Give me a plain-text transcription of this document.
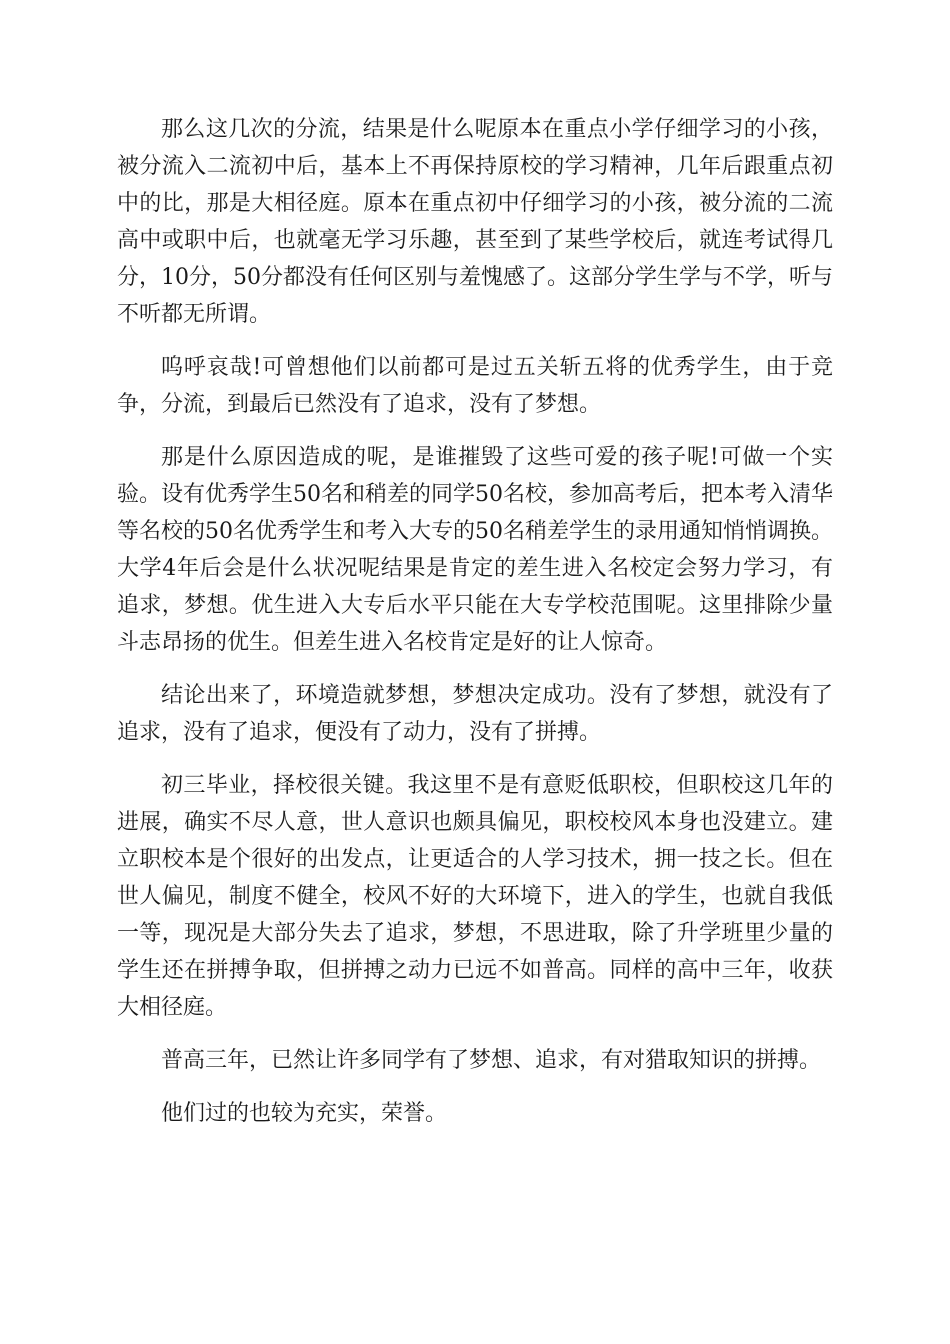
那么这几次的分流，结果是什么呢原本在重点小学仔细学习的小孩，被分流入二流初中后，基本上不再保持原校的学习精神，几年后跟重点初中的比，那是大相径庭。原本在重点初中仔细学习的小孩，被分流的二流高中或职中后，也就毫无学习乐趣，甚至到了某些学校后，就连考试得几分，10分，50分都没有任何区别与羞愧感了。这部分学生学与不学，听与不听都无所谓。

呜呼哀哉!可曾想他们以前都可是过五关斩五将的优秀学生，由于竞争，分流，到最后已然没有了追求，没有了梦想。

那是什么原因造成的呢，是谁摧毁了这些可爱的孩子呢!可做一个实验。设有优秀学生50名和稍差的同学50名校，参加高考后，把本考入清华等名校的50名优秀学生和考入大专的50名稍差学生的录用通知悄悄调换。大学4年后会是什么状况呢结果是肯定的差生进入名校定会努力学习，有追求，梦想。优生进入大专后水平只能在大专学校范围呢。这里排除少量斗志昂扬的优生。但差生进入名校肯定是好的让人惊奇。

结论出来了，环境造就梦想，梦想决定成功。没有了梦想，就没有了追求，没有了追求，便没有了动力，没有了拼搏。

初三毕业，择校很关键。我这里不是有意贬低职校，但职校这几年的进展，确实不尽人意，世人意识也颇具偏见，职校校风本身也没建立。建立职校本是个很好的出发点，让更适合的人学习技术，拥一技之长。但在世人偏见，制度不健全，校风不好的大环境下，进入的学生，也就自我低一等，现况是大部分失去了追求，梦想，不思进取，除了升学班里少量的学生还在拼搏争取，但拼搏之动力已远不如普高。同样的高中三年，收获大相径庭。

普高三年，已然让许多同学有了梦想、追求，有对猎取知识的拼搏。

他们过的也较为充实，荣誉。
